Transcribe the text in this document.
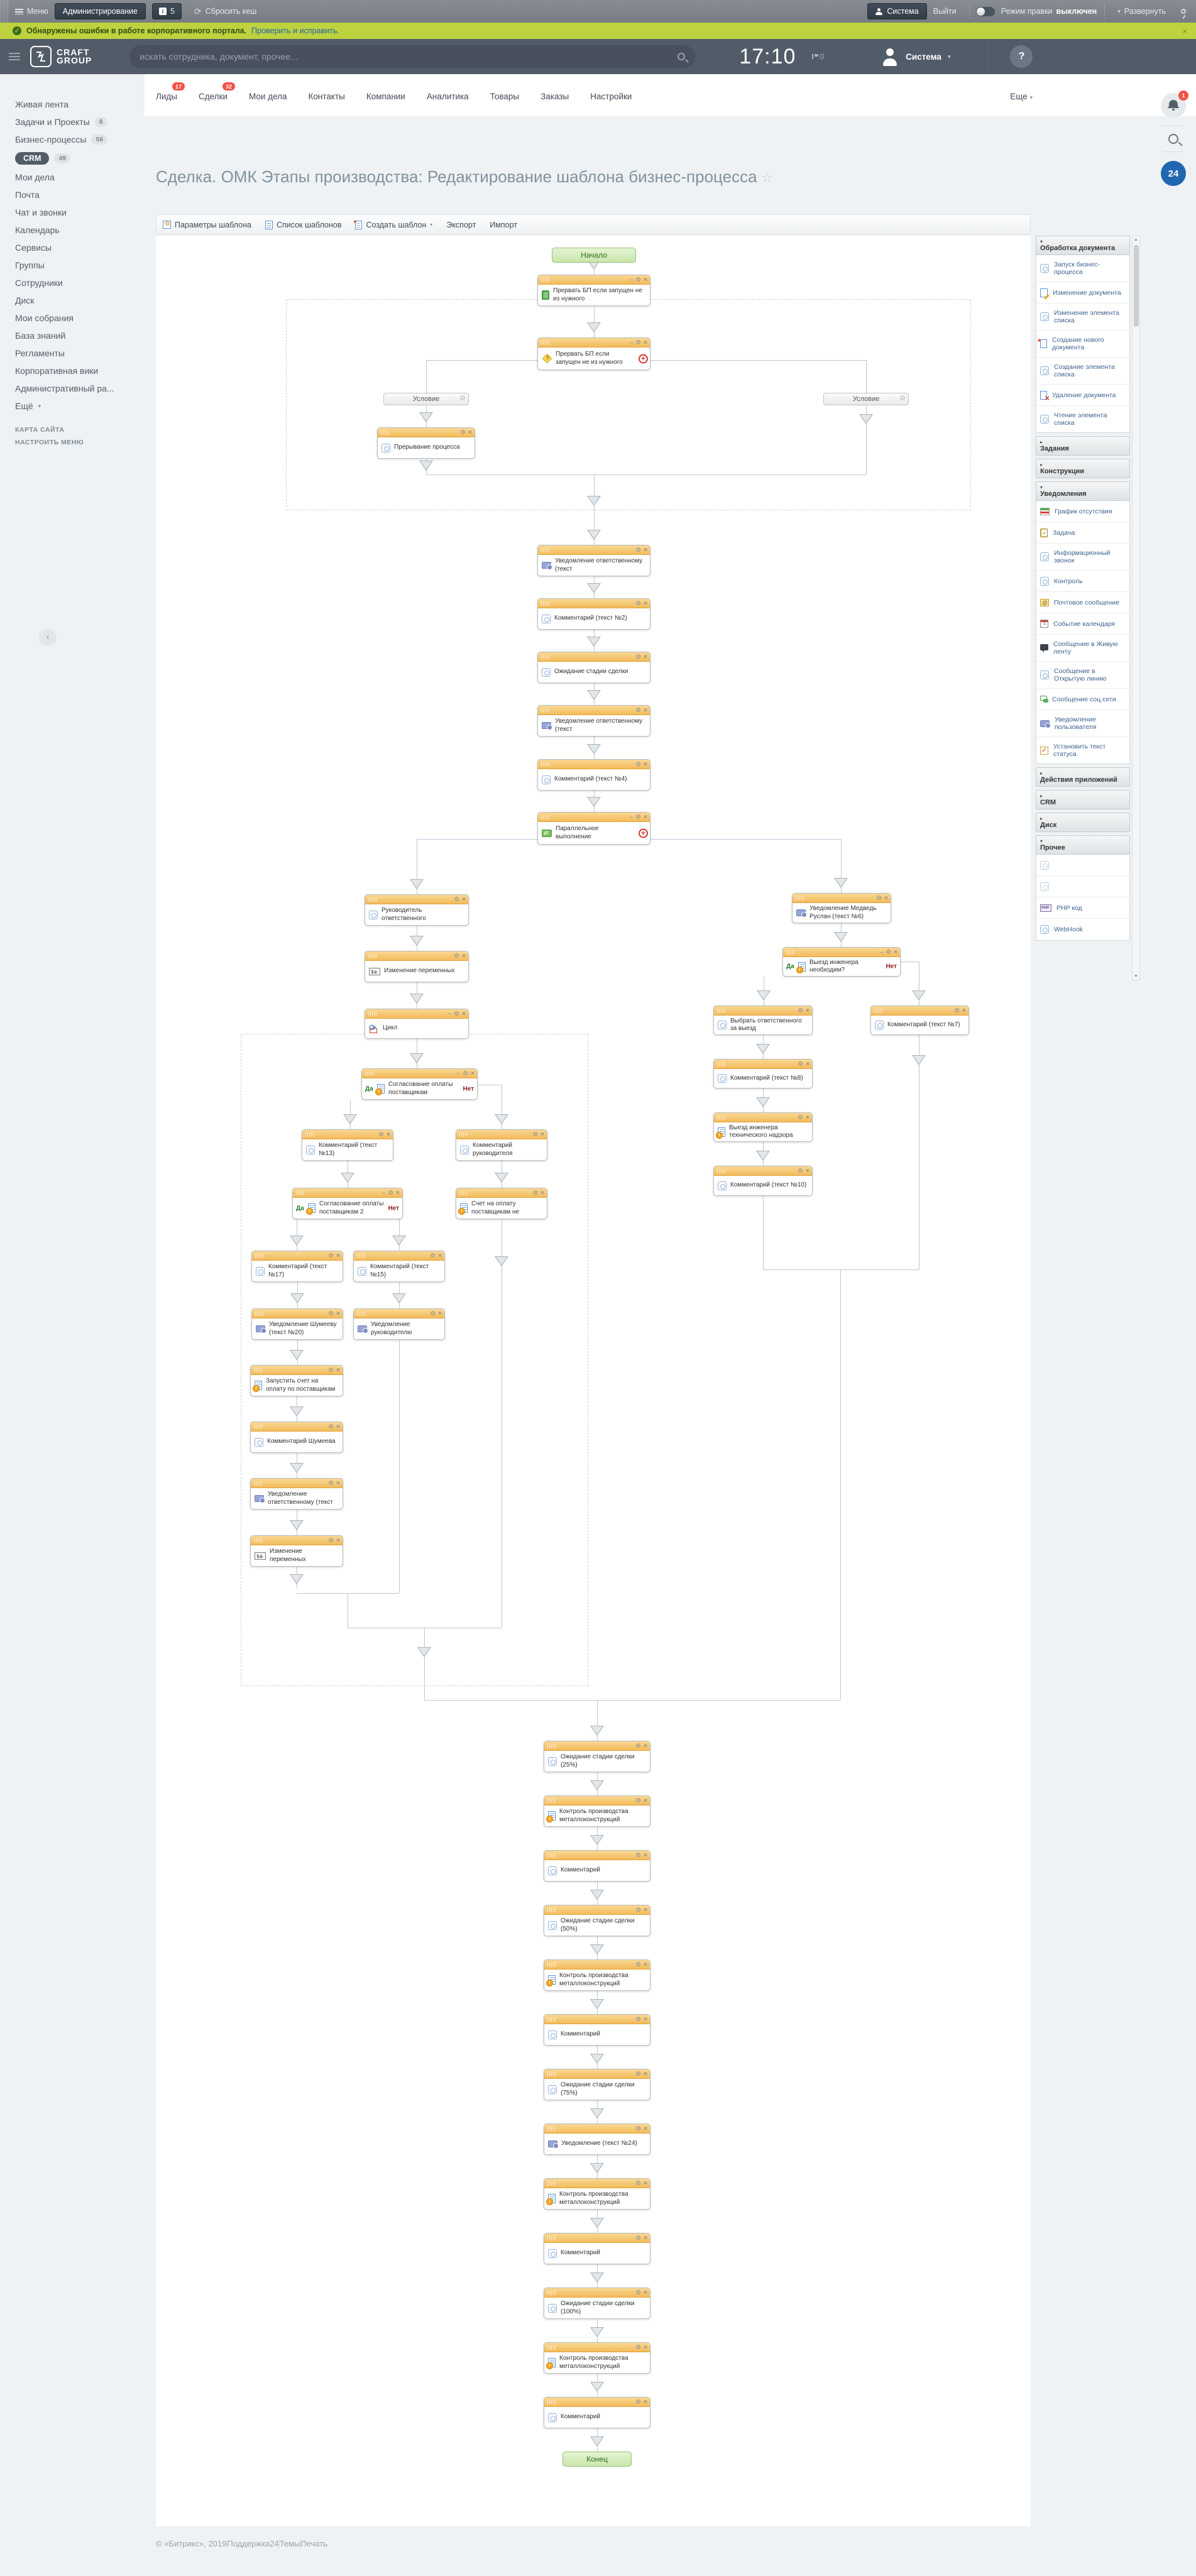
Меню	Администрирование	i 5 ⟳ Сбросить кеш	Система Выйти	Режим правки выключен	▾ Развернуть
✓ Обнаружены ошибки в работе корпоративного портала. Проверить и исправить.	×
CRAFT
GROUP
искать сотрудника, документ, прочее...	17:10	0	Система ▾	?
Лиды
17
Сделки
32
Мои дела	Контакты	Компании	Аналитика	Товары	Заказы	Настройки	Еще ▾	1
24
Живая лента
Задачи и Проекты	8
Бизнес-процессы	56
CRM	49
Мои дела
Почта
Чат и звонки
Календарь
Сервисы
Группы
Сотрудники
Диск
Мои собрания
База знаний
Регламенты
Корпоративная вики
Административный ра...
Ещё ▾
КАРТА САЙТА
НАСТРОИТЬ МЕНЮ
‹
Сделка. ОМК Этапы производства: Редактирование шаблона бизнес-процесса ☆
⚙
Параметры шаблона	Список шаблонов *	Создать шаблон ▾ Экспорт Импорт
Условие	⚙	Условие	⚙
Начало
Конец
– ⚙ ×
Прервать БП если запущен не из нужного
– ⚙ ×
?
Прервать БП если запущен не из нужного	+
⚙ ×
Прерывание процесса
⚙ ×
Уведомление ответственному (текст
⚙ ×
Комментарий (текст №2)
⚙ ×
Ожидание стадии сделки
⚙ ×
Уведомление ответственному (текст
⚙ ×
Комментарий (текст №4)
– ⚙ ×
⇄
Параллельное выполнение	+
⚙ ×
Руководитель ответственного
⚙ ×
$a
Изменение переменных
– ⚙ ×
⟳
Цикл
– ⚙ ×
!
Согласование оплаты поставщикам
Да	Нет
⚙ ×
Комментарий (текст №13)
⚙ ×
Комментарий руководителя
– ⚙ ×
!
Согласование оплаты поставщикам 2
Да	Нет
⚙ ×
!
Счет на оплату поставщикам не
⚙ ×
Комментарий (текст №17)
⚙ ×
Комментарий (текст №15)
⚙ ×
Уведомление Шумееву (текст №20)
⚙ ×
Уведомление руководителю
⚙ ×
!
Запустить счет на оплату по поставщикам
⚙ ×
Комментарий Шумеева
⚙ ×
Уведомление ответственному (текст
⚙ ×
$a
Изменение переменных
⚙ ×
Уведомление Медведь Руслан (текст №6)
– ⚙ ×
!
Выезд инженера необходим?
Да	Нет
⚙ ×
Выбрать ответственного за выезд
⚙ ×
Комментарий (текст №7)
⚙ ×
Комментарий (текст №8)
⚙ ×
!
Выезд инженера технического надзора
⚙ ×
Комментарий (текст №10)
⚙ ×
Ожидание стадии сделки (25%)
⚙ ×
!
Контроль производства металлоконструкций
⚙ ×
Комментарий
⚙ ×
Ожидание стадии сделки (50%)
⚙ ×
!
Контроль производства металлоконструкций
⚙ ×
Комментарий
⚙ ×
Ожидание стадии сделки (75%)
⚙ ×
Уведомление (текст №24)
⚙ ×
!
Контроль производства металлоконструкций
⚙ ×
Комментарий
⚙ ×
Ожидание стадии сделки (100%)
⚙ ×
!
Контроль производства металлоконструкций
⚙ ×
Комментарий
▾
Обработка документа
Запуск бизнес-процесса
Изменение документа
Изменение элемента списка
*
Создание нового документа
Создание элемента списка
×
Удаление документа
Чтение элемента списка
▸
Задания
▸
Конструкции
▾
Уведомления
График отсутствия
✓
Задача
Информационный звонок
Контроль
@
Почтовое сообщение
1
Событие календаря
Сообщение в Живую ленту
Сообщение в Открытую линию
Сообщение соц.сети
Уведомление пользователя
✓
Установить текст статуса
▸
Действия приложений
▸
CRM
▸
Диск
▾
Прочее
PHP
PHP код
WebHook
▲
▼
© «Битрикс», 2019 Поддержка24 Темы Печать
